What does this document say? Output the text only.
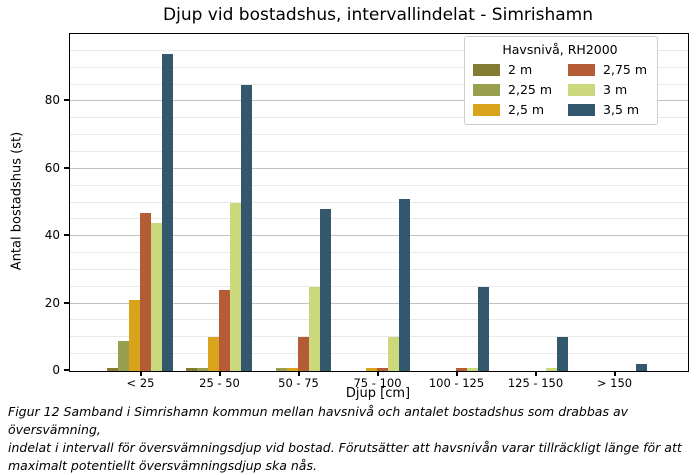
Djup vid bostadshus, intervallindelat - Simrishamn
Antal bostadshus (st)
Havsnivå, RH2000
2 m
2,25 m
2,5 m
2,75 m
3 m
3,5 m
0
20
40
60
80
< 25	25 - 50	50 - 75	75 - 100 100 - 125 125 - 150	> 150
Djup [cm]
Figur 12 Samband i Simrishamn kommun mellan havsnivå och antalet bostadshus som drabbas av översvämning,
indelat i intervall för översvämningsdjup vid bostad. Förutsätter att havsnivån varar tillräckligt länge för att
maximalt potentiellt översvämningsdjup ska nås.
